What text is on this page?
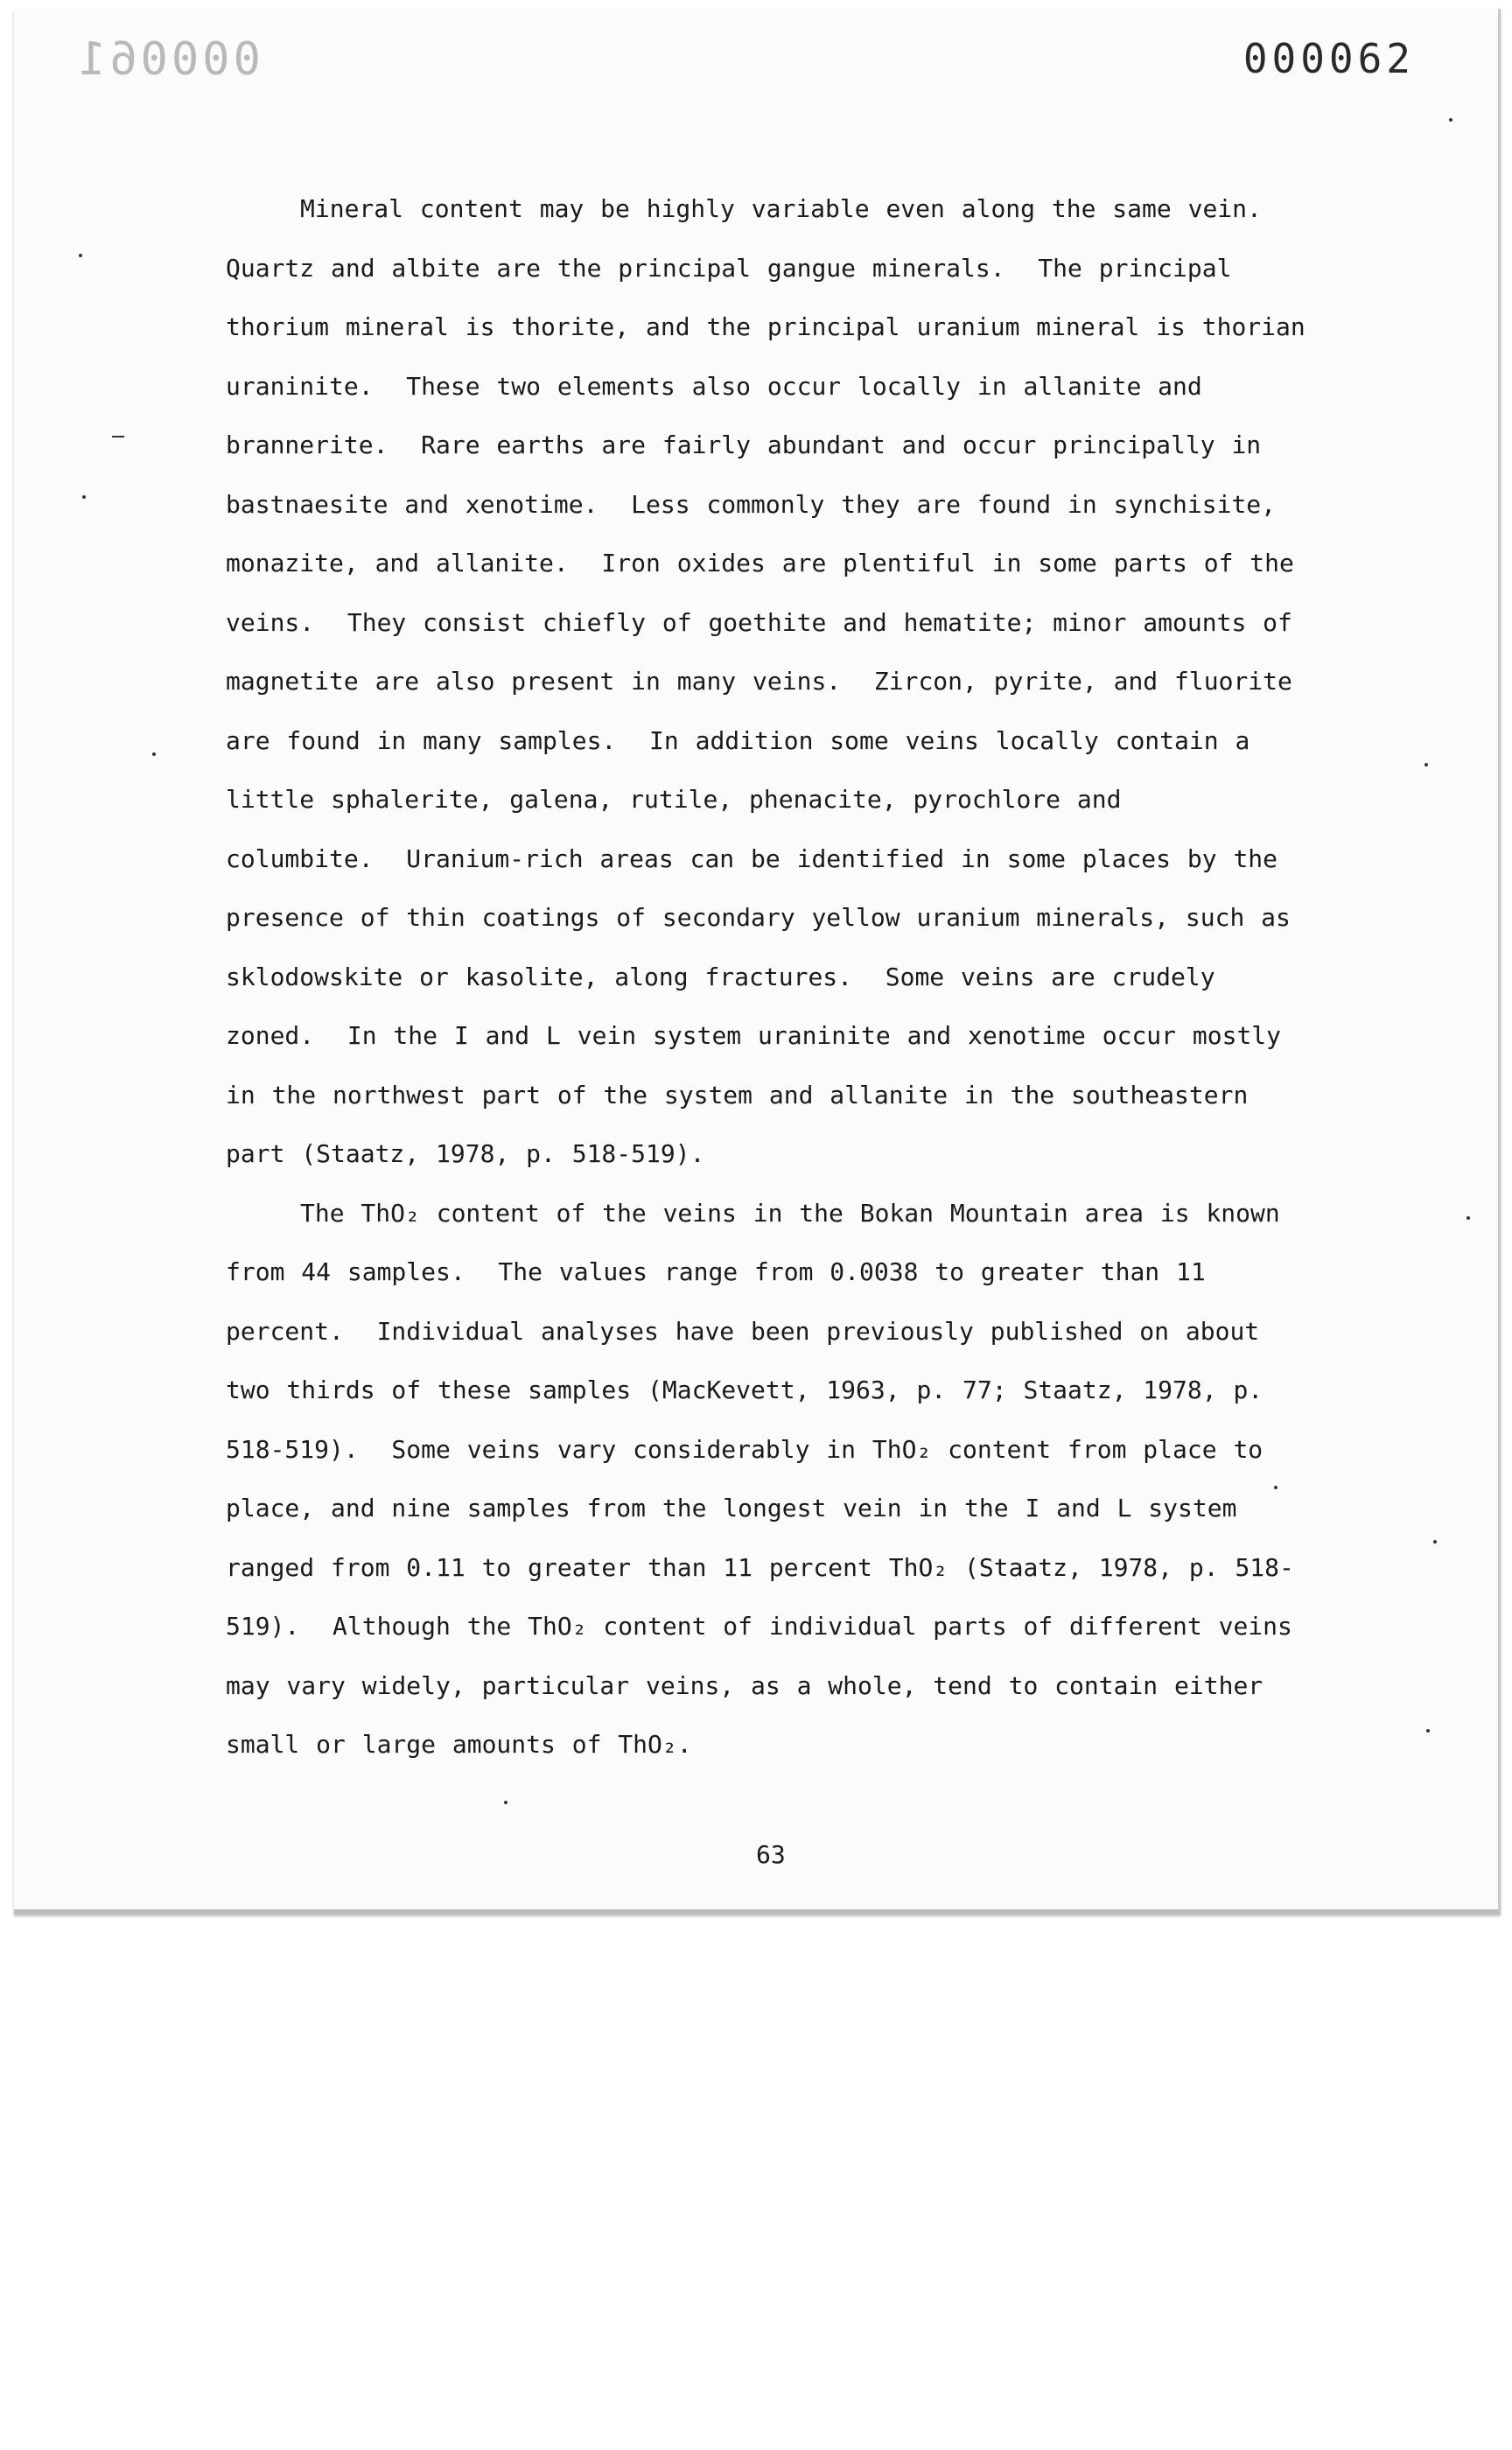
000061	000062

Mineral content may be highly variable even along the same vein.
Quartz and albite are the principal gangue minerals.  The principal
thorium mineral is thorite, and the principal uranium mineral is thorian
uraninite.  These two elements also occur locally in allanite and
brannerite.  Rare earths are fairly abundant and occur principally in
bastnaesite and xenotime.  Less commonly they are found in synchisite,
monazite, and allanite.  Iron oxides are plentiful in some parts of the
veins.  They consist chiefly of goethite and hematite; minor amounts of
magnetite are also present in many veins.  Zircon, pyrite, and fluorite
are found in many samples.  In addition some veins locally contain a
little sphalerite, galena, rutile, phenacite, pyrochlore and
columbite.  Uranium-rich areas can be identified in some places by the
presence of thin coatings of secondary yellow uranium minerals, such as
sklodowskite or kasolite, along fractures.  Some veins are crudely
zoned.  In the I and L vein system uraninite and xenotime occur mostly
in the northwest part of the system and allanite in the southeastern
part (Staatz, 1978, p. 518-519).

The ThO₂ content of the veins in the Bokan Mountain area is known
from 44 samples.  The values range from 0.0038 to greater than 11
percent.  Individual analyses have been previously published on about
two thirds of these samples (MacKevett, 1963, p. 77; Staatz, 1978, p.
518-519).  Some veins vary considerably in ThO₂ content from place to
place, and nine samples from the longest vein in the I and L system
ranged from 0.11 to greater than 11 percent ThO₂ (Staatz, 1978, p. 518-
519).  Although the ThO₂ content of individual parts of different veins
may vary widely, particular veins, as a whole, tend to contain either
small or large amounts of ThO₂.

63
